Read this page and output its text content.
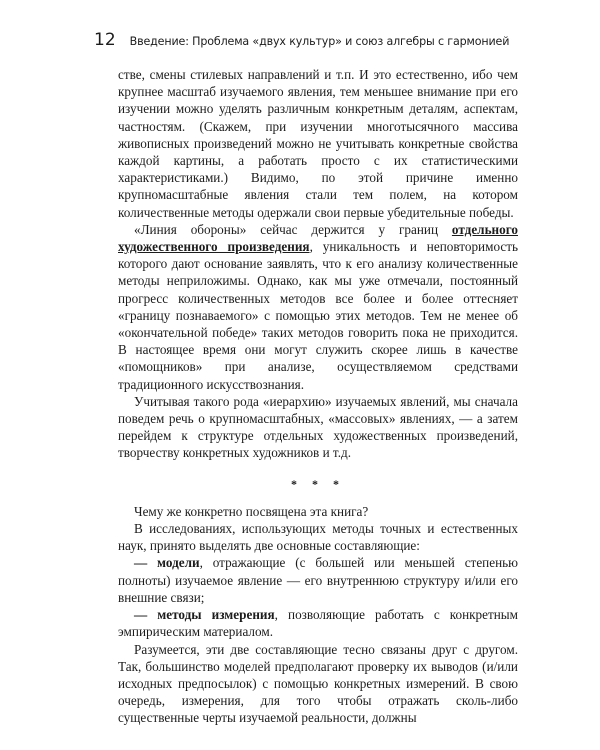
12 Введение: Проблема «двух культур» и союз алгебры с гармонией

стве, смены стилевых направлений и т.п. И это естественно, ибо чем крупнее масштаб изучаемого явления, тем меньшее внимание при его изучении можно уделять различным конкретным деталям, аспектам, частностям. (Скажем, при изучении многотысячного массива живописных произведений можно не учитывать конкретные свойства каждой картины, а работать просто с их статистическими характеристиками.) Видимо, по этой причине именно крупномасштабные явления стали тем полем, на котором количественные методы одержали свои первые убедительные победы.

«Линия обороны» сейчас держится у границ отдельного художественного произведения, уникальность и неповторимость которого дают основание заявлять, что к его анализу количественные методы неприложимы. Однако, как мы уже отмечали, постоянный прогресс количественных методов все более и более оттесняет «границу познаваемого» с помощью этих методов. Тем не менее об «окончательной победе» таких методов говорить пока не приходится. В настоящее время они могут служить скорее лишь в качестве «помощников» при анализе, осуществляемом средствами традиционного искусствознания.

Учитывая такого рода «иерархию» изучаемых явлений, мы сначала поведем речь о крупномасштабных, «массовых» явлениях, — а затем перейдем к структуре отдельных художественных произведений, творчеству конкретных художников и т.д.

* * *

Чему же конкретно посвящена эта книга?

В исследованиях, использующих методы точных и естественных наук, принято выделять две основные составляющие:

— модели, отражающие (с большей или меньшей степенью полноты) изучаемое явление — его внутреннюю структуру и/или его внешние связи;

— методы измерения, позволяющие работать с конкретным эмпирическим материалом.

Разумеется, эти две составляющие тесно связаны друг с другом. Так, большинство моделей предполагают проверку их выводов (и/или исходных предпосылок) с помощью конкретных измерений. В свою очередь, измерения, для того чтобы отражать сколь-либо существенные черты изучаемой реальности, должны
